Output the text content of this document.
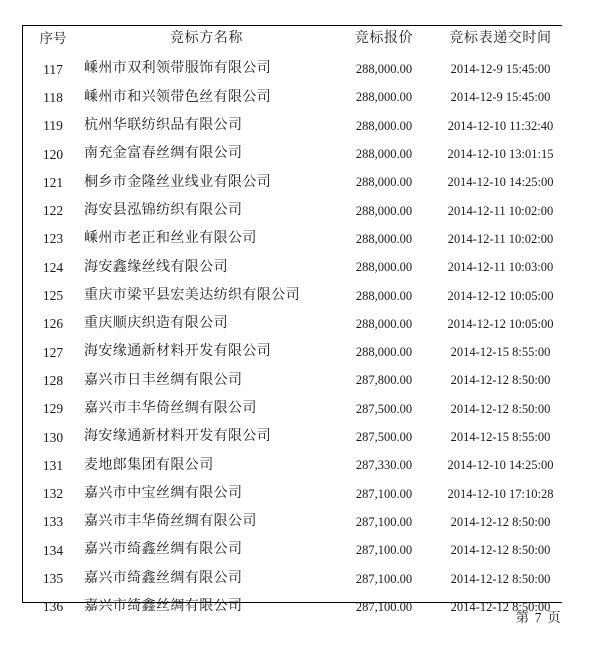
序号	竞标方名称	竞标报价	竞标表递交时间
117	嵊州市双利领带服饰有限公司	288,000.00	2014-12-9 15:45:00
118	嵊州市和兴领带色丝有限公司	288,000.00	2014-12-9 15:45:00
119	杭州华联纺织品有限公司	288,000.00	2014-12-10 11:32:40
120	南充金富春丝绸有限公司	288,000.00	2014-12-10 13:01:15
121	桐乡市金隆丝业线业有限公司	288,000.00	2014-12-10 14:25:00
122	海安县泓锦纺织有限公司	288,000.00	2014-12-11 10:02:00
123	嵊州市老正和丝业有限公司	288,000.00	2014-12-11 10:02:00
124	海安鑫缘丝线有限公司	288,000.00	2014-12-11 10:03:00
125	重庆市梁平县宏美达纺织有限公司	288,000.00	2014-12-12 10:05:00
126	重庆顺庆织造有限公司	288,000.00	2014-12-12 10:05:00
127	海安缘通新材料开发有限公司	288,000.00	2014-12-15 8:55:00
128	嘉兴市日丰丝绸有限公司	287,800.00	2014-12-12 8:50:00
129	嘉兴市丰华倚丝绸有限公司	287,500.00	2014-12-12 8:50:00
130	海安缘通新材料开发有限公司	287,500.00	2014-12-15 8:55:00
131	麦地郎集团有限公司	287,330.00	2014-12-10 14:25:00
132	嘉兴市中宝丝绸有限公司	287,100.00	2014-12-10 17:10:28
133	嘉兴市丰华倚丝绸有限公司	287,100.00	2014-12-12 8:50:00
134	嘉兴市绮鑫丝绸有限公司	287,100.00	2014-12-12 8:50:00
135	嘉兴市绮鑫丝绸有限公司	287,100.00	2014-12-12 8:50:00
136	嘉兴市绮鑫丝绸有限公司	287,100.00	2014-12-12 8:50:00
第 7 页
